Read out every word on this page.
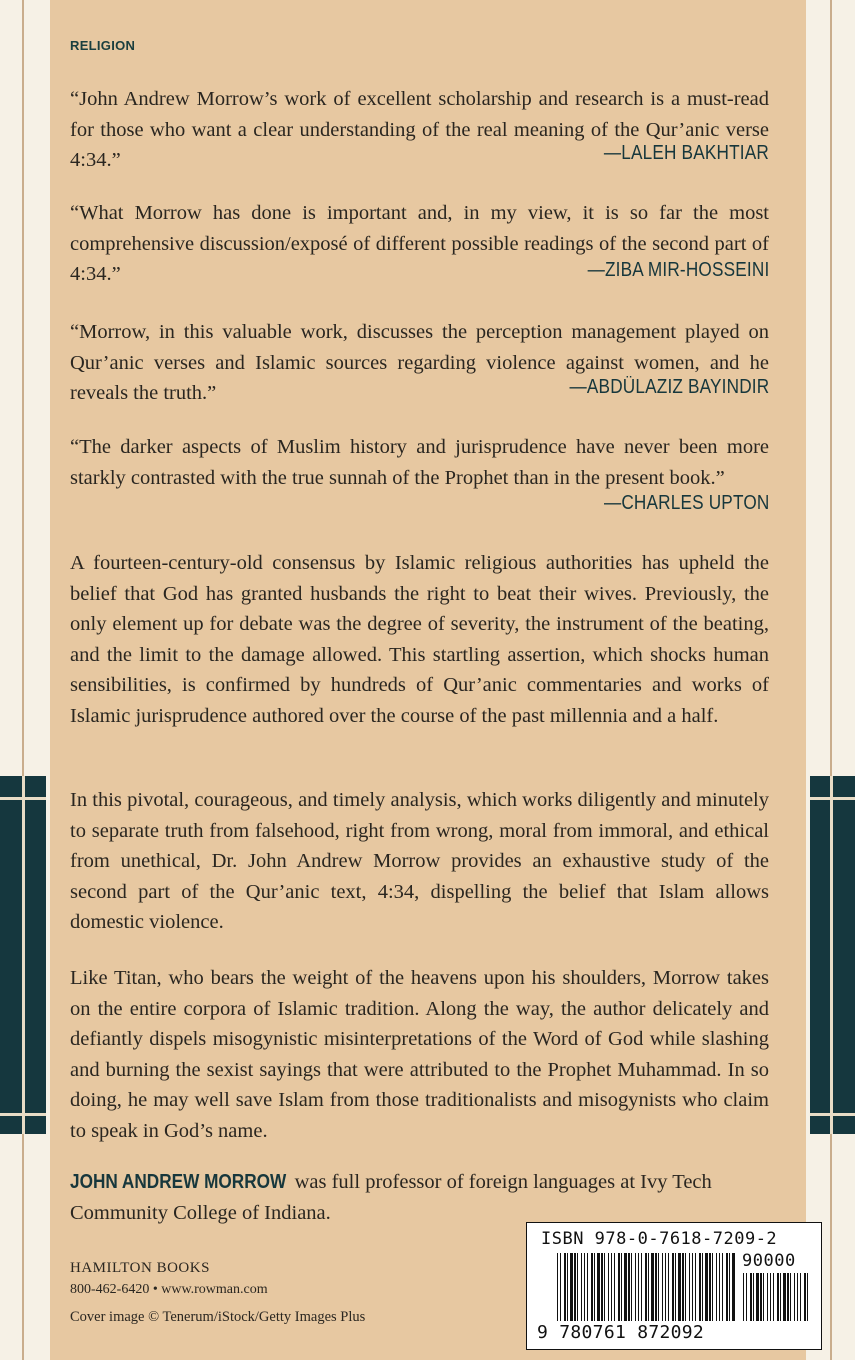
RELIGION
“John Andrew Morrow’s work of excellent scholarship and research is a must-read for those who want a clear understanding of the real meaning of the Qur’anic verse 4:34.”	—LALEH BAKHTIAR
“What Morrow has done is important and, in my view, it is so far the most comprehensive discussion/exposé of different possible readings of the second part of 4:34.”	—ZIBA MIR-HOSSEINI
“Morrow, in this valuable work, discusses the perception management played on Qur’anic verses and Islamic sources regarding violence against women, and he reveals the truth.”	—ABDÜLAZIZ BAYINDIR
“The darker aspects of Muslim history and jurisprudence have never been more starkly contrasted with the true sunnah of the Prophet than in the present book.”
—CHARLES UPTON
A fourteen-century-old consensus by Islamic religious authorities has upheld the belief that God has granted husbands the right to beat their wives. Previously, the only element up for debate was the degree of severity, the instrument of the beating, and the limit to the damage allowed. This startling assertion, which shocks human sensibilities, is confirmed by hundreds of Qur’anic commentaries and works of Islamic jurisprudence authored over the course of the past millennia and a half.
In this pivotal, courageous, and timely analysis, which works diligently and minutely to separate truth from falsehood, right from wrong, moral from immoral, and ethical from unethical, Dr. John Andrew Morrow provides an exhaustive study of the second part of the Qur’anic text, 4:34, dispelling the belief that Islam allows domestic violence.
Like Titan, who bears the weight of the heavens upon his shoulders, Morrow takes on the entire corpora of Islamic tradition. Along the way, the author delicately and defiantly dispels misogynistic misinterpretations of the Word of God while slashing and burning the sexist sayings that were attributed to the Prophet Muhammad. In so doing, he may well save Islam from those traditionalists and misogynists who claim to speak in God’s name.
JOHN ANDREW MORROW was full professor of foreign languages at Ivy Tech Community College of Indiana.
HAMILTON BOOKS
800-462-6420 • www.rowman.com
Cover image © Tenerum/iStock/Getty Images Plus
ISBN 978-0-7618-7209-2
90000
9 780761 872092
